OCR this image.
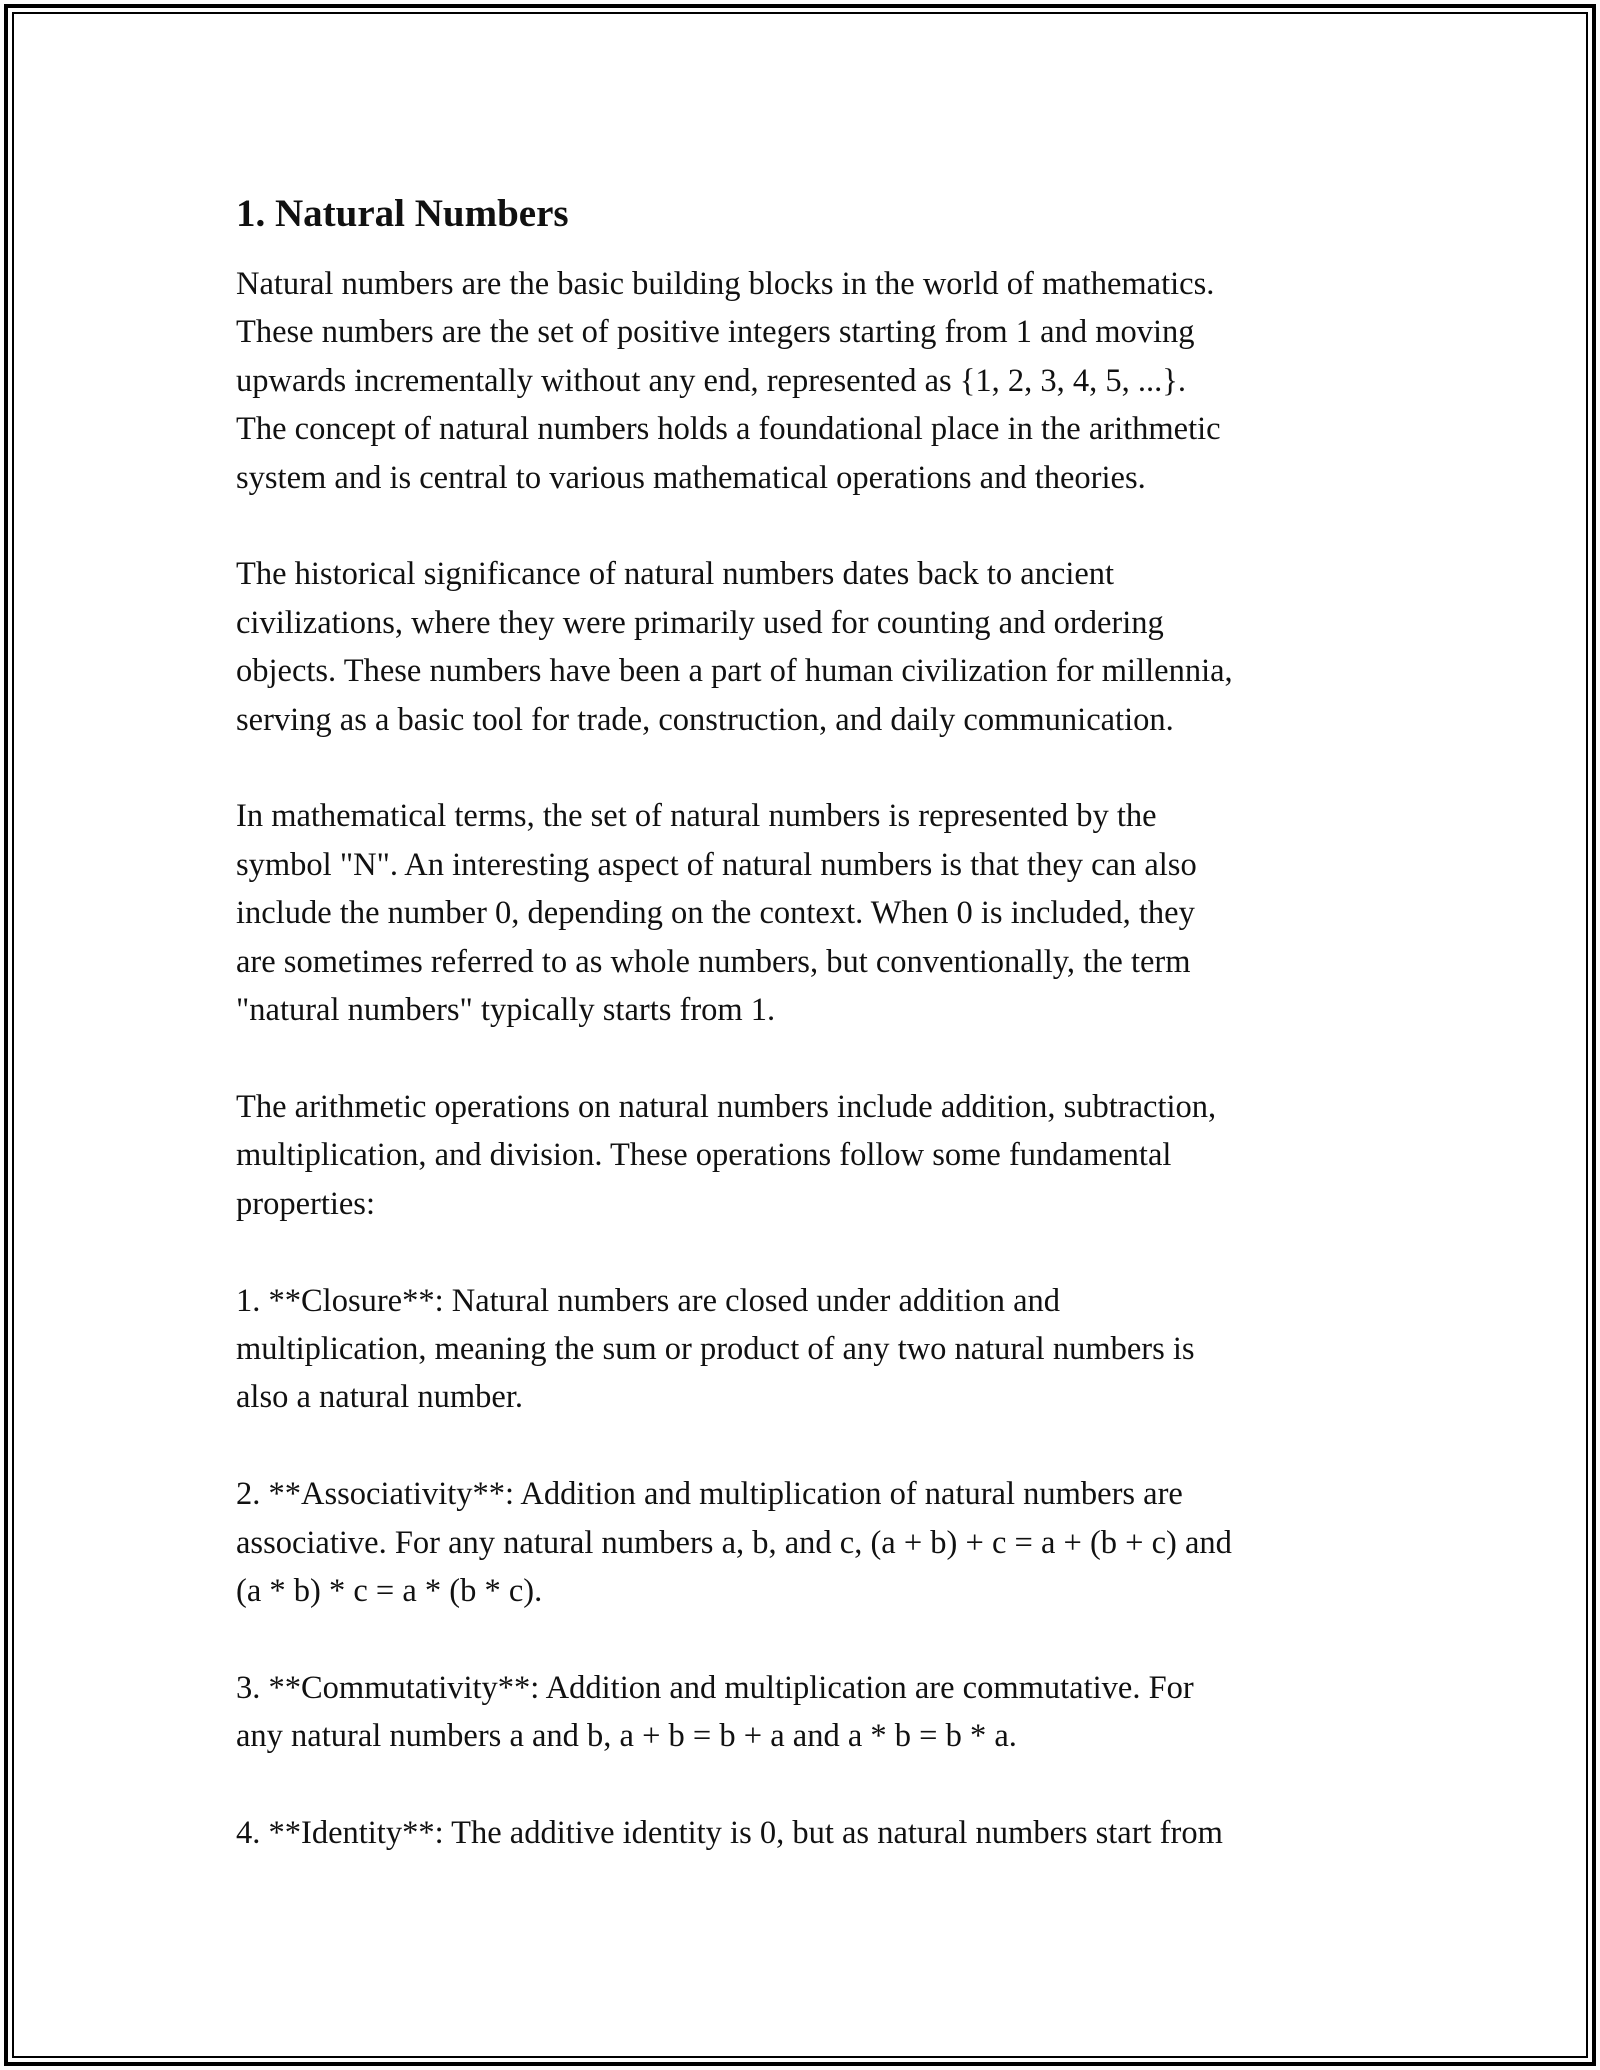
1. Natural Numbers
Natural numbers are the basic building blocks in the world of mathematics.
These numbers are the set of positive integers starting from 1 and moving
upwards incrementally without any end, represented as {1, 2, 3, 4, 5, ...}.
The concept of natural numbers holds a foundational place in the arithmetic
system and is central to various mathematical operations and theories.

The historical significance of natural numbers dates back to ancient
civilizations, where they were primarily used for counting and ordering
objects. These numbers have been a part of human civilization for millennia,
serving as a basic tool for trade, construction, and daily communication.

In mathematical terms, the set of natural numbers is represented by the
symbol "N". An interesting aspect of natural numbers is that they can also
include the number 0, depending on the context. When 0 is included, they
are sometimes referred to as whole numbers, but conventionally, the term
"natural numbers" typically starts from 1.

The arithmetic operations on natural numbers include addition, subtraction,
multiplication, and division. These operations follow some fundamental
properties:

1. **Closure**: Natural numbers are closed under addition and
multiplication, meaning the sum or product of any two natural numbers is
also a natural number.

2. **Associativity**: Addition and multiplication of natural numbers are
associative. For any natural numbers a, b, and c, (a + b) + c = a + (b + c) and
(a * b) * c = a * (b * c).

3. **Commutativity**: Addition and multiplication are commutative. For
any natural numbers a and b, a + b = b + a and a * b = b * a.

4. **Identity**: The additive identity is 0, but as natural numbers start from
